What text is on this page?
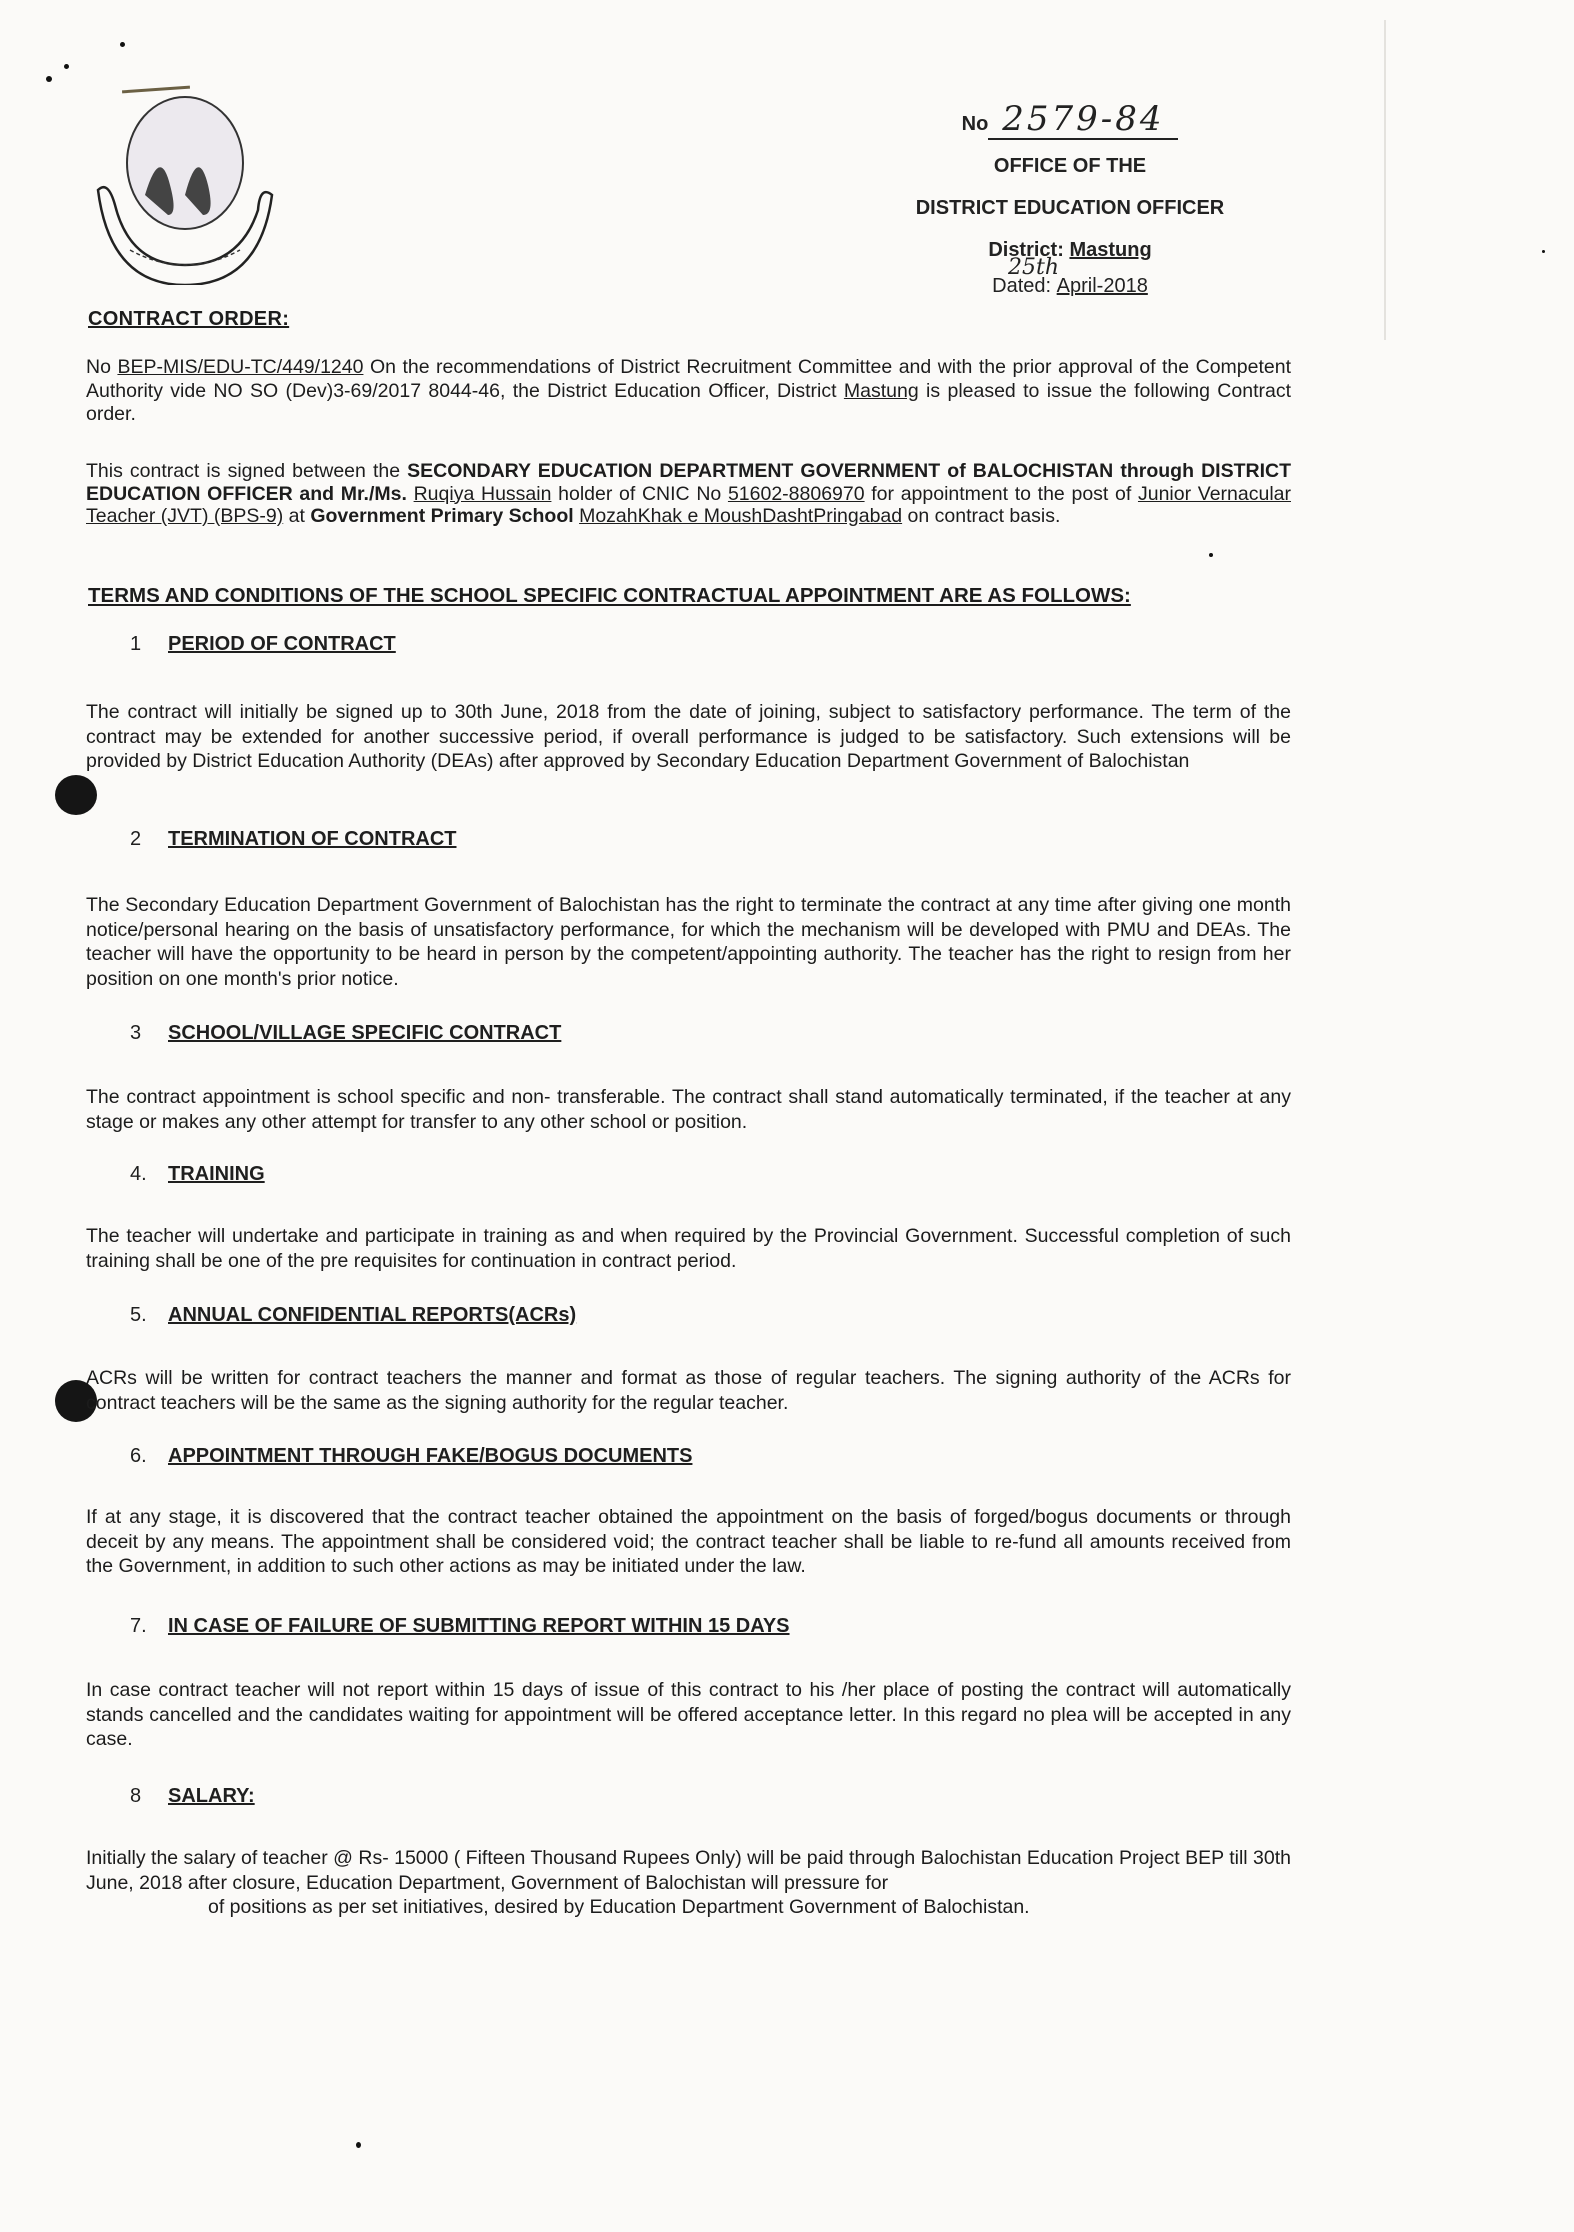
No 2579-84
OFFICE OF THE
DISTRICT EDUCATION OFFICER
District: Mastung
25th
Dated: April-2018
CONTRACT ORDER:
No BEP-MIS/EDU-TC/449/1240 On the recommendations of District Recruitment Committee and with the prior approval of the Competent Authority vide NO SO (Dev)3-69/2017 8044-46, the District Education Officer, District Mastung is pleased to issue the following Contract order.
This contract is signed between the SECONDARY EDUCATION DEPARTMENT GOVERNMENT of BALOCHISTAN through DISTRICT EDUCATION OFFICER and Mr./Ms. Ruqiya Hussain holder of CNIC No 51602-8806970 for appointment to the post of Junior Vernacular Teacher (JVT) (BPS-9) at Government Primary School MozahKhak e MoushDashtPringabad on contract basis.
TERMS AND CONDITIONS OF THE SCHOOL SPECIFIC CONTRACTUAL APPOINTMENT ARE AS FOLLOWS:
1 PERIOD OF CONTRACT
The contract will initially be signed up to 30th June, 2018 from the date of joining, subject to satisfactory performance. The term of the contract may be extended for another successive period, if overall performance is judged to be satisfactory. Such extensions will be provided by District Education Authority (DEAs) after approved by Secondary Education Department Government of Balochistan
2 TERMINATION OF CONTRACT
The Secondary Education Department Government of Balochistan has the right to terminate the contract at any time after giving one month notice/personal hearing on the basis of unsatisfactory performance, for which the mechanism will be developed with PMU and DEAs. The teacher will have the opportunity to be heard in person by the competent/appointing authority. The teacher has the right to resign from her position on one month's prior notice.
3 SCHOOL/VILLAGE SPECIFIC CONTRACT
The contract appointment is school specific and non- transferable. The contract shall stand automatically terminated, if the teacher at any stage or makes any other attempt for transfer to any other school or position.
4. TRAINING
The teacher will undertake and participate in training as and when required by the Provincial Government. Successful completion of such training shall be one of the pre requisites for continuation in contract period.
5. ANNUAL CONFIDENTIAL REPORTS(ACRs)
ACRs will be written for contract teachers the manner and format as those of regular teachers. The signing authority of the ACRs for contract teachers will be the same as the signing authority for the regular teacher.
6. APPOINTMENT THROUGH FAKE/BOGUS DOCUMENTS
If at any stage, it is discovered that the contract teacher obtained the appointment on the basis of forged/bogus documents or through deceit by any means. The appointment shall be considered void; the contract teacher shall be liable to re-fund all amounts received from the Government, in addition to such other actions as may be initiated under the law.
7. IN CASE OF FAILURE OF SUBMITTING REPORT WITHIN 15 DAYS
In case contract teacher will not report within 15 days of issue of this contract to his /her place of posting the contract will automatically stands cancelled and the candidates waiting for appointment will be offered acceptance letter. In this regard no plea will be accepted in any case.
8 SALARY:
Initially the salary of teacher @ Rs- 15000 ( Fifteen Thousand Rupees Only) will be paid through Balochistan Education Project BEP till 30th June, 2018 after closure, Education Department, Government of Balochistan will pressure for
of positions as per set initiatives, desired by Education Department Government of Balochistan.
